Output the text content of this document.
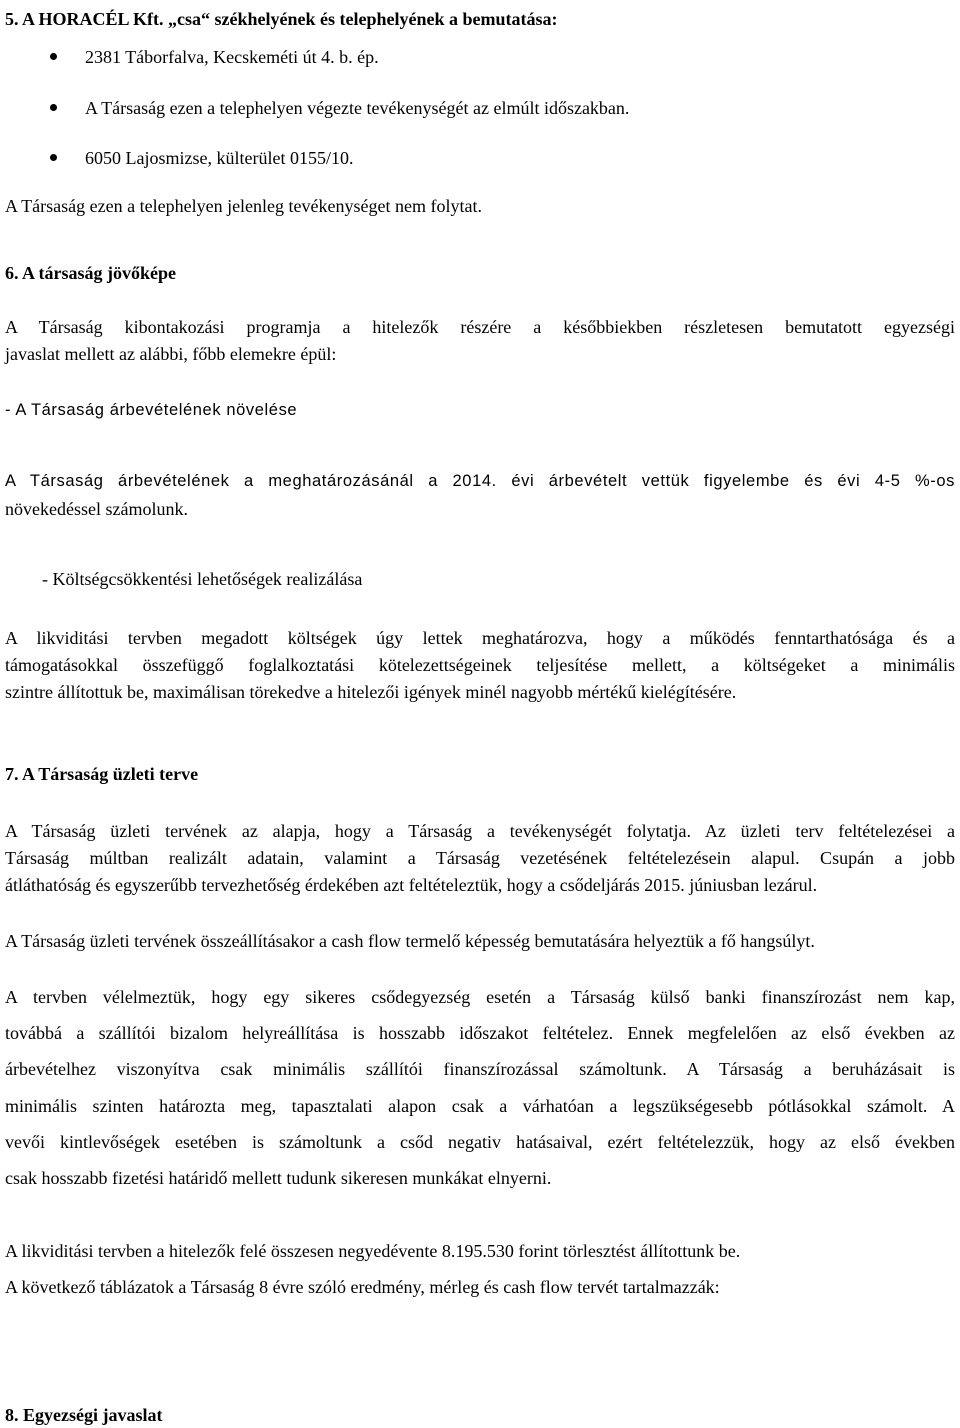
5. A HORACÉL Kft. „csa“ székhelyének és telephelyének a bemutatása:

2381 Táborfalva, Kecskeméti út 4. b. ép.

A Társaság ezen a telephelyen végezte tevékenységét az elmúlt időszakban.

6050 Lajosmizse, külterület 0155/10.

A Társaság ezen a telephelyen jelenleg tevékenységet nem folytat.

6. A társaság jövőképe

A Társaság kibontakozási programja a hitelezők részére a későbbiekben részletesen bemutatott egyezségi

javaslat mellett az alábbi, főbb elemekre épül:

- A Társaság árbevételének növelése

A Társaság árbevételének a meghatározásánál a 2014. évi árbevételt vettük figyelembe és évi 4-5 %-os

növekedéssel számolunk.

- Költségcsökkentési lehetőségek realizálása

A likviditási tervben megadott költségek úgy lettek meghatározva, hogy a működés fenntarthatósága és a

támogatásokkal összefüggő foglalkoztatási kötelezettségeinek teljesítése mellett, a költségeket a minimális

szintre állítottuk be, maximálisan törekedve a hitelezői igények minél nagyobb mértékű kielégítésére.

7. A Társaság üzleti terve

A Társaság üzleti tervének az alapja, hogy a Társaság a tevékenységét folytatja. Az üzleti terv feltételezései a

Társaság múltban realizált adatain, valamint a Társaság vezetésének feltételezésein alapul. Csupán a jobb

átláthatóság és egyszerűbb tervezhetőség érdekében azt feltételeztük, hogy a csődeljárás 2015. júniusban lezárul.

A Társaság üzleti tervének összeállításakor a cash flow termelő képesség bemutatására helyeztük a fő hangsúlyt.

A tervben vélelmeztük, hogy egy sikeres csődegyezség esetén a Társaság külső banki finanszírozást nem kap,

továbbá a szállítói bizalom helyreállítása is hosszabb időszakot feltételez. Ennek megfelelően az első években az

árbevételhez viszonyítva csak minimális szállítói finanszírozással számoltunk. A Társaság a beruházásait is

minimális szinten határozta meg, tapasztalati alapon csak a várhatóan a legszükségesebb pótlásokkal számolt. A

vevői kintlevőségek esetében is számoltunk a csőd negativ hatásaival, ezért feltételezzük, hogy az első években

csak hosszabb fizetési határidő mellett tudunk sikeresen munkákat elnyerni.

A likviditási tervben a hitelezők felé összesen negyedévente 8.195.530 forint törlesztést állítottunk be.

A következő táblázatok a Társaság 8 évre szóló eredmény, mérleg és cash flow tervét tartalmazzák:

8. Egyezségi javaslat
